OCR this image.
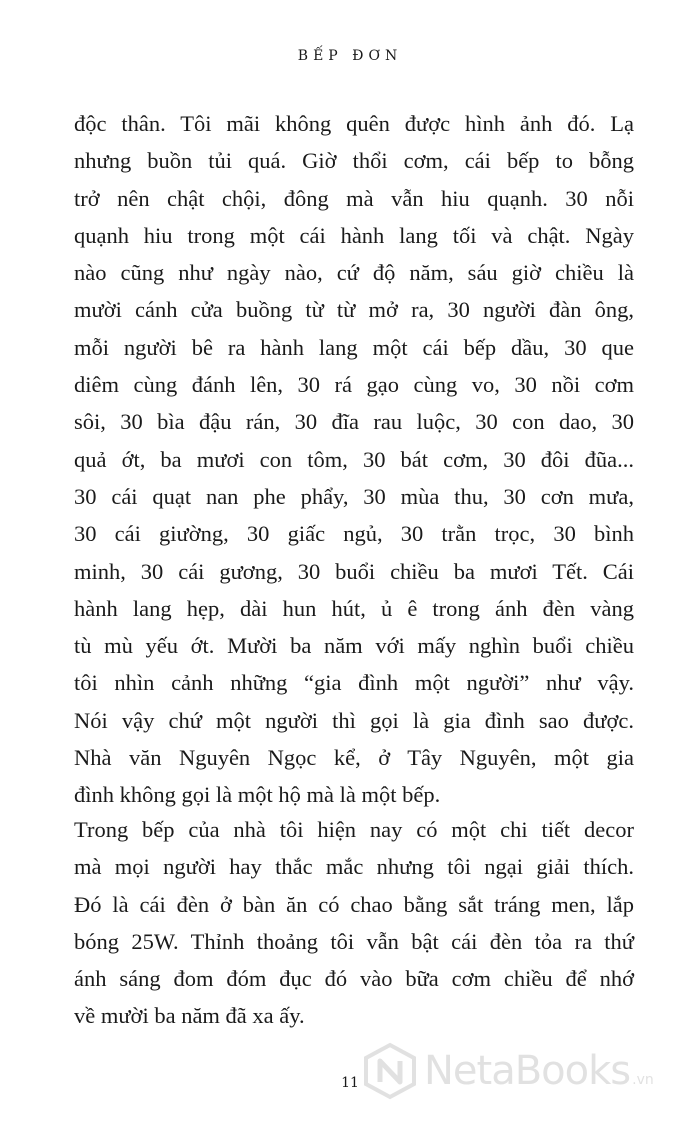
BẾP ĐƠN
độc thân. Tôi mãi không quên được hình ảnh đó. Lạ
nhưng buồn tủi quá. Giờ thổi cơm, cái bếp to bỗng
trở nên chật chội, đông mà vẫn hiu quạnh. 30 nỗi
quạnh hiu trong một cái hành lang tối và chật. Ngày
nào cũng như ngày nào, cứ độ năm, sáu giờ chiều là
mười cánh cửa buồng từ từ mở ra, 30 người đàn ông,
mỗi người bê ra hành lang một cái bếp dầu, 30 que
diêm cùng đánh lên, 30 rá gạo cùng vo, 30 nồi cơm
sôi, 30 bìa đậu rán, 30 đĩa rau luộc, 30 con dao, 30
quả ớt, ba mươi con tôm, 30 bát cơm, 30 đôi đũa...
30 cái quạt nan phe phẩy, 30 mùa thu, 30 cơn mưa,
30 cái giường, 30 giấc ngủ, 30 trằn trọc, 30 bình
minh, 30 cái gương, 30 buổi chiều ba mươi Tết. Cái
hành lang hẹp, dài hun hút, ủ ê trong ánh đèn vàng
tù mù yếu ớt. Mười ba năm với mấy nghìn buổi chiều
tôi nhìn cảnh những “gia đình một người” như vậy.
Nói vậy chứ một người thì gọi là gia đình sao được.
Nhà văn Nguyên Ngọc kể, ở Tây Nguyên, một gia
đình không gọi là một hộ mà là một bếp.
Trong bếp của nhà tôi hiện nay có một chi tiết decor
mà mọi người hay thắc mắc nhưng tôi ngại giải thích.
Đó là cái đèn ở bàn ăn có chao bằng sắt tráng men, lắp
bóng 25W. Thỉnh thoảng tôi vẫn bật cái đèn tỏa ra thứ
ánh sáng đom đóm đục đó vào bữa cơm chiều để nhớ
về mười ba năm đã xa ấy.
11	NetaBooks .vn
